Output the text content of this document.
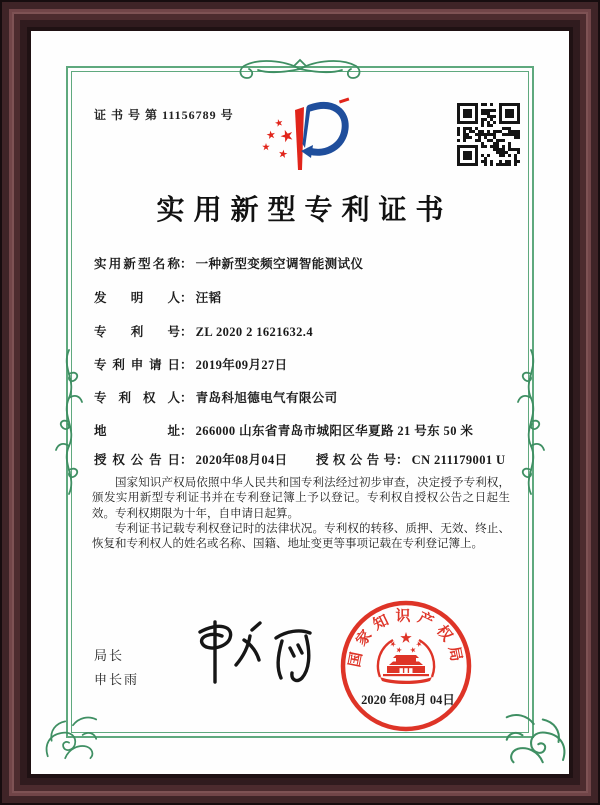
证 书 号 第 11156789 号
实用新型专利证书
实用新型名称： 一种新型变频空调智能测试仪
发明人： 汪韬
专利号： ZL 2020 2 1621632.4
专利申请日： 2019年09月27日
专利权人： 青岛科旭德电气有限公司
地址： 266000 山东省青岛市城阳区华夏路 21 号东 50 米
授权公告日： 2020年08月04日 授权公告号： CN 211179001 U

国家知识产权局依照中华人民共和国专利法经过初步审查，决定授予专利权，颁发实用新型专利证书并在专利登记簿上予以登记。专利权自授权公告之日起生效。专利权期限为十年，自申请日起算。

专利证书记载专利权登记时的法律状况。专利权的转移、质押、无效、终止、恢复和专利权人的姓名或名称、国籍、地址变更等事项记载在专利登记簿上。

局长
申长雨
国家知识产权局
2020 年08月 04日
